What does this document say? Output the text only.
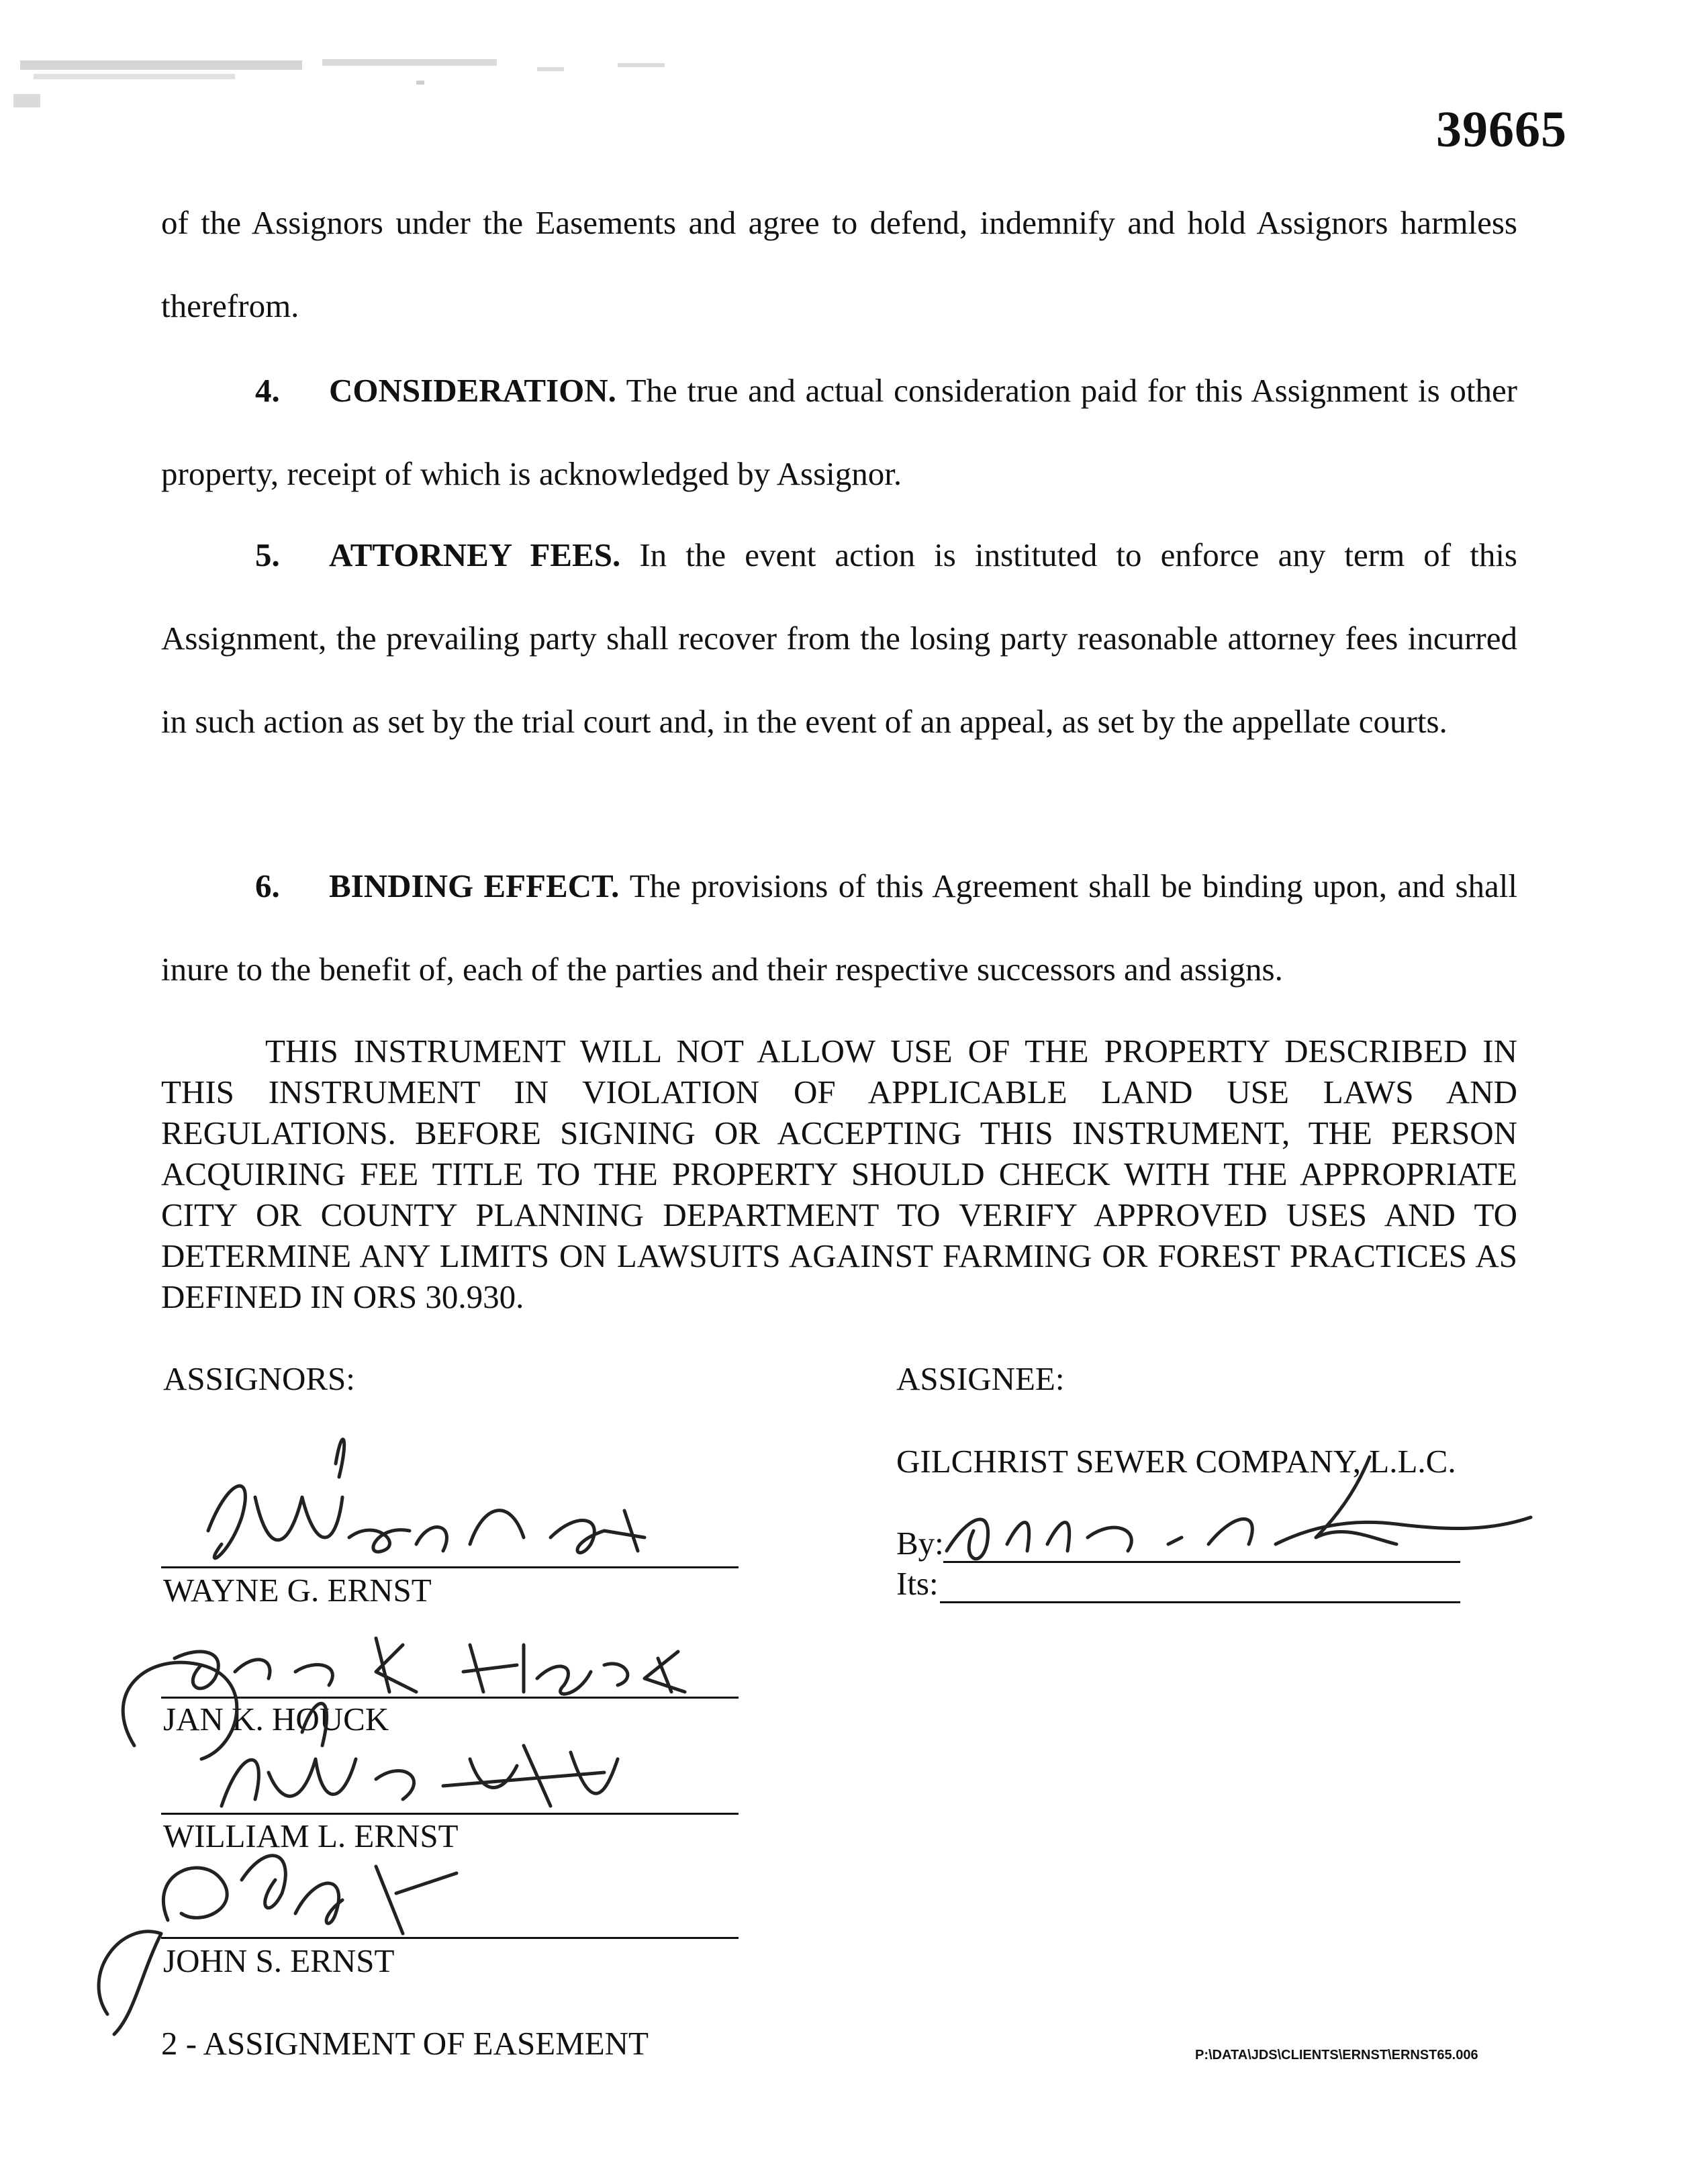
39665
of the Assignors under the Easements and agree to defend, indemnify and hold Assignors harmless therefrom.
4. CONSIDERATION. The true and actual consideration paid for this Assignment is other property, receipt of which is acknowledged by Assignor.
5. ATTORNEY FEES. In the event action is instituted to enforce any term of this Assignment, the prevailing party shall recover from the losing party reasonable attorney fees incurred in such action as set by the trial court and, in the event of an appeal, as set by the appellate courts.
6. BINDING EFFECT. The provisions of this Agreement shall be binding upon, and shall inure to the benefit of, each of the parties and their respective successors and assigns.
THIS INSTRUMENT WILL NOT ALLOW USE OF THE PROPERTY DESCRIBED IN THIS INSTRUMENT IN VIOLATION OF APPLICABLE LAND USE LAWS AND REGULATIONS. BEFORE SIGNING OR ACCEPTING THIS INSTRUMENT, THE PERSON ACQUIRING FEE TITLE TO THE PROPERTY SHOULD CHECK WITH THE APPROPRIATE CITY OR COUNTY PLANNING DEPARTMENT TO VERIFY APPROVED USES AND TO DETERMINE ANY LIMITS ON LAWSUITS AGAINST FARMING OR FOREST PRACTICES AS DEFINED IN ORS 30.930.
ASSIGNORS:
WAYNE G. ERNST
JAN K. HOUCK
WILLIAM L. ERNST
JOHN S. ERNST
ASSIGNEE:
GILCHRIST SEWER COMPANY, L.L.C.
By:
Its:
2 - ASSIGNMENT OF EASEMENT	P:\DATA\JDS\CLIENTS\ERNST\ERNST65.006
